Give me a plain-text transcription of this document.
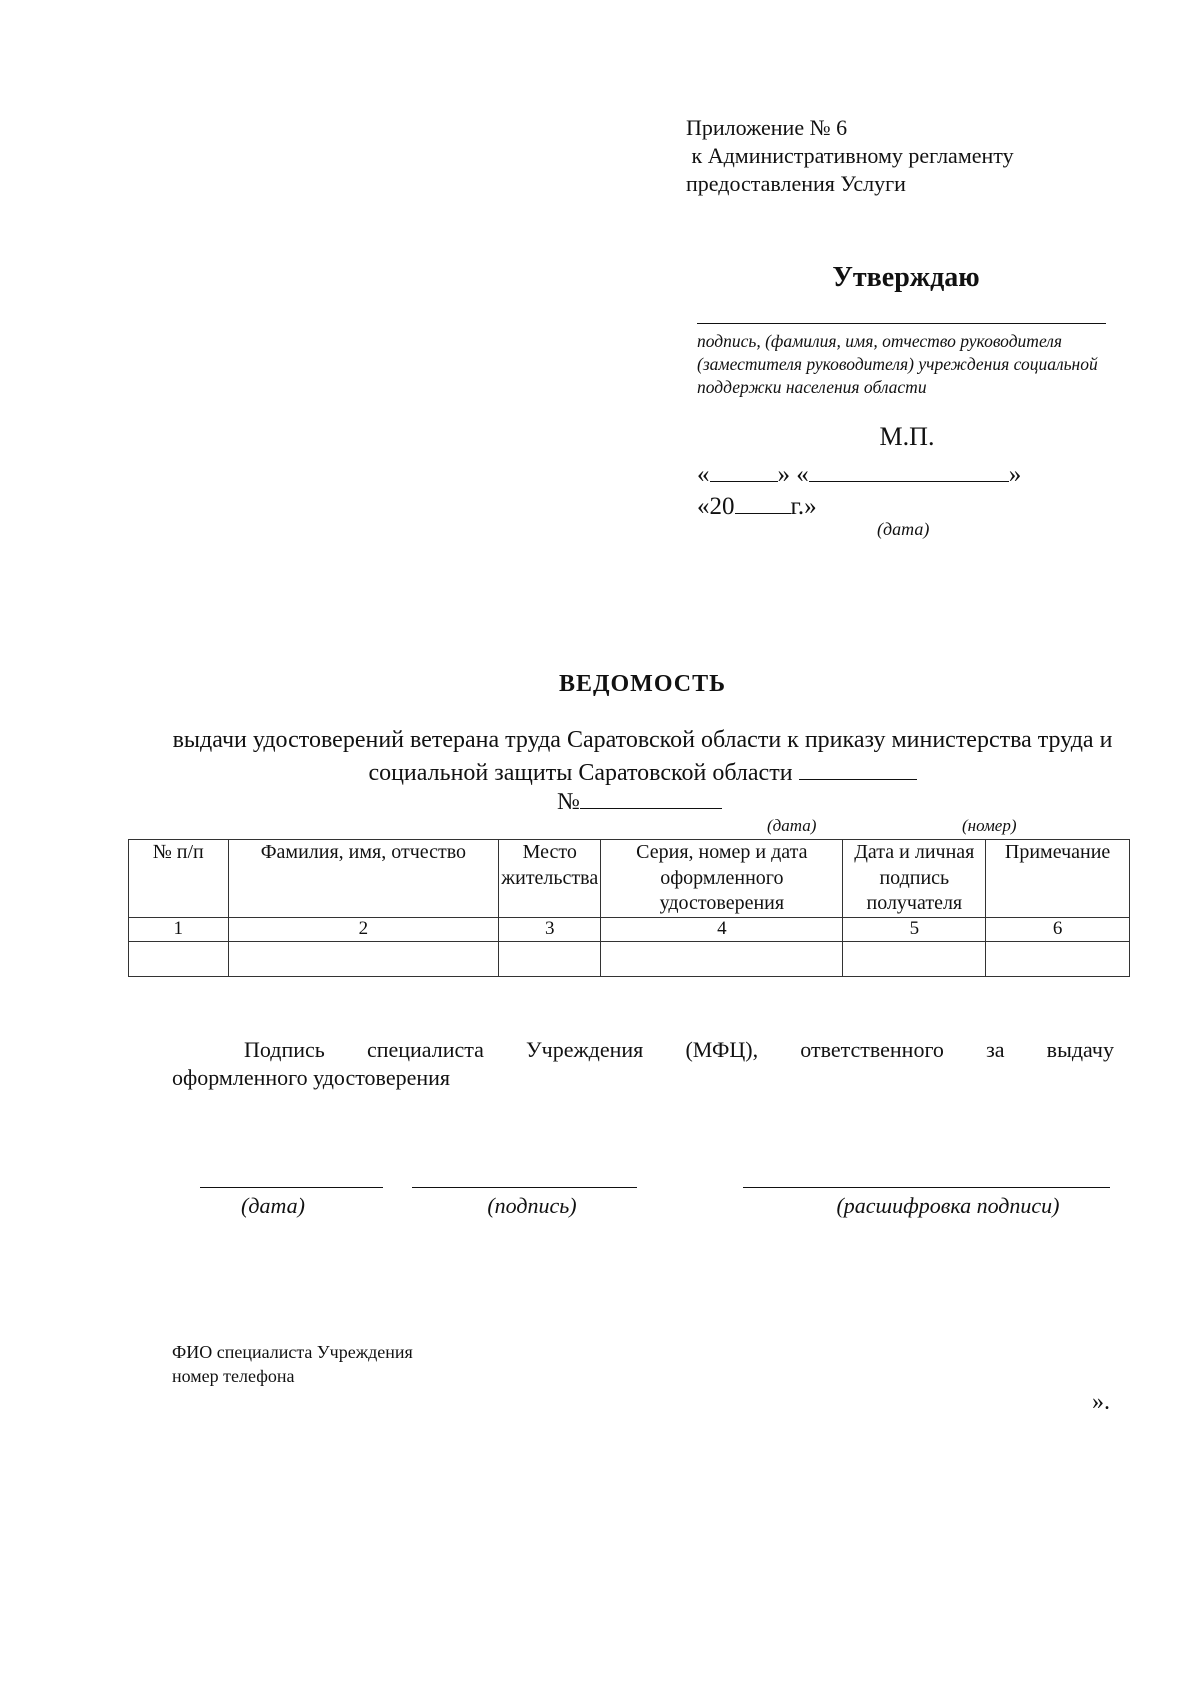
Приложение № 6
к Административному регламенту
предоставления Услуги
Утверждаю
подпись, (фамилия, имя, отчество руководителя (заместителя руководителя) учреждения социальной поддержки населения области
М.П.
«	» «	»
«20 г.»
(дата)
ВЕДОМОСТЬ
выдачи удостоверений ветерана труда Саратовской области к приказу министерства труда и социальной защиты Саратовской области
№
(дата)	(номер)
№ п/п	Фамилия, имя, отчество	Место жительства	Серия, номер и дата оформленного удостоверения	Дата и личная подпись получателя	Примечание
1	2	3	4	5	6

Подпись специалиста Учреждения (МФЦ), ответственного за выдачу
оформленного удостоверения
(дата)	(подпись)	(расшифровка подписи)
ФИО специалиста Учреждения
номер телефона
».
